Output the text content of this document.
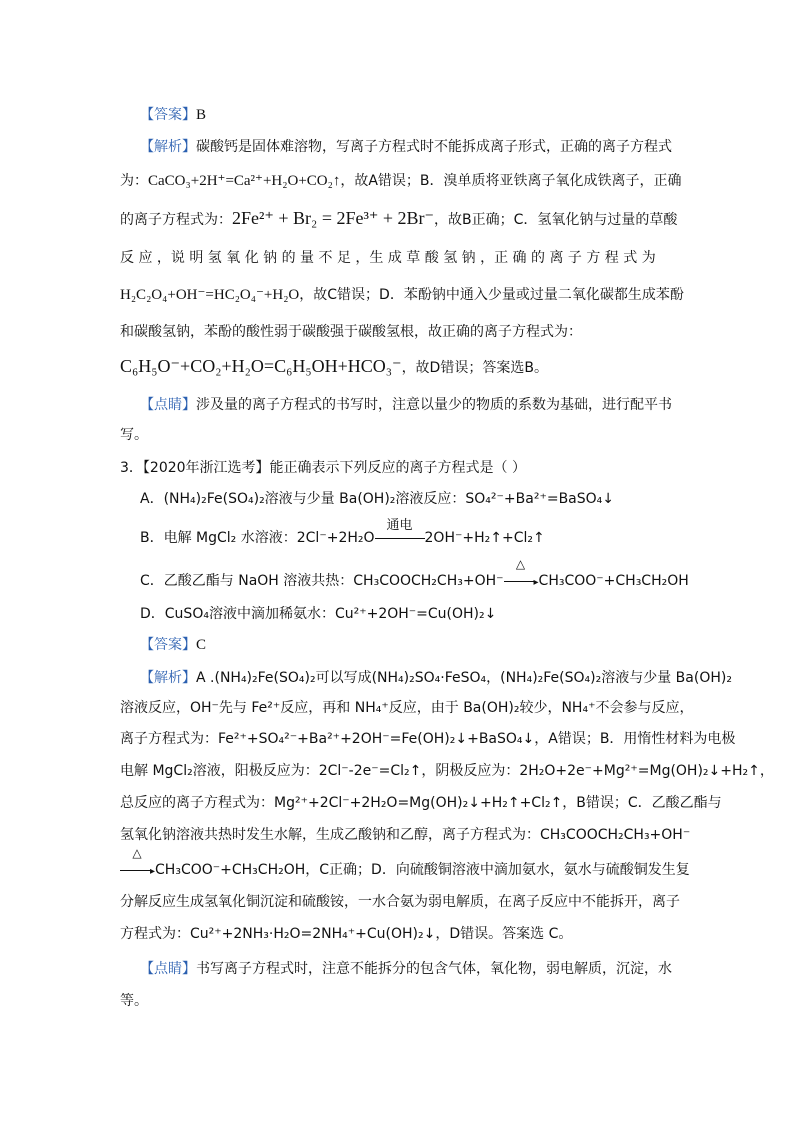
【答案】B
【解析】碳酸钙是固体难溶物，写离子方程式时不能拆成离子形式，正确的离子方程式
为：CaCO₃+2H⁺=Ca²⁺+H₂O+CO₂↑，故A错误；B．溴单质将亚铁离子氧化成铁离子，正确
的离子方程式为：2Fe²⁺ + Br₂ = 2Fe³⁺ + 2Br⁻，故B正确；C．氢氧化钠与过量的草酸
反 应 ，说 明 氢 氧 化 钠 的 量 不 足 ，生 成 草 酸 氢 钠 ，正 确 的 离 子 方 程 式 为
H₂C₂O₄+OH⁻=HC₂O₄⁻+H₂O，故C错误；D．苯酚钠中通入少量或过量二氧化碳都生成苯酚
和碳酸氢钠，苯酚的酸性弱于碳酸强于碳酸氢根，故正确的离子方程式为：
C₆H₅O⁻+CO₂+H₂O=C₆H₅OH+HCO₃⁻，故D错误；答案选B。
【点睛】涉及量的离子方程式的书写时，注意以量少的物质的系数为基础，进行配平书
写。
3．【2020年浙江选考】能正确表示下列反应的离子方程式是（ ）
A．(NH₄)₂Fe(SO₄)₂溶液与少量 Ba(OH)₂溶液反应：SO₄²⁻+Ba²⁺=BaSO₄↓
B．电解 MgCl₂ 水溶液：2Cl⁻+2H₂O
通电
2OH⁻+H₂↑+Cl₂↑
C．乙酸乙酯与 NaOH 溶液共热：CH₃COOCH₂CH₃+OH⁻
△
▸CH₃COO⁻+CH₃CH₂OH
D．CuSO₄溶液中滴加稀氨水：Cu²⁺+2OH⁻=Cu(OH)₂↓
【答案】C
【解析】A .(NH₄)₂Fe(SO₄)₂可以写成(NH₄)₂SO₄·FeSO₄，(NH₄)₂Fe(SO₄)₂溶液与少量 Ba(OH)₂
溶液反应，OH⁻先与 Fe²⁺反应，再和 NH₄⁺反应，由于 Ba(OH)₂较少，NH₄⁺不会参与反应，
离子方程式为：Fe²⁺+SO₄²⁻+Ba²⁺+2OH⁻=Fe(OH)₂↓+BaSO₄↓，A错误；B．用惰性材料为电极
电解 MgCl₂溶液，阳极反应为：2Cl⁻-2e⁻=Cl₂↑，阴极反应为：2H₂O+2e⁻+Mg²⁺=Mg(OH)₂↓+H₂↑，
总反应的离子方程式为：Mg²⁺+2Cl⁻+2H₂O=Mg(OH)₂↓+H₂↑+Cl₂↑，B错误；C．乙酸乙酯与
氢氧化钠溶液共热时发生水解，生成乙酸钠和乙醇，离子方程式为：CH₃COOCH₂CH₃+OH⁻
△
▸CH₃COO⁻+CH₃CH₂OH，C正确；D．向硫酸铜溶液中滴加氨水，氨水与硫酸铜发生复
分解反应生成氢氧化铜沉淀和硫酸铵，一水合氨为弱电解质，在离子反应中不能拆开，离子
方程式为：Cu²⁺+2NH₃·H₂O=2NH₄⁺+Cu(OH)₂↓，D错误。答案选 C。
【点睛】书写离子方程式时，注意不能拆分的包含气体，氧化物，弱电解质，沉淀，水
等。
